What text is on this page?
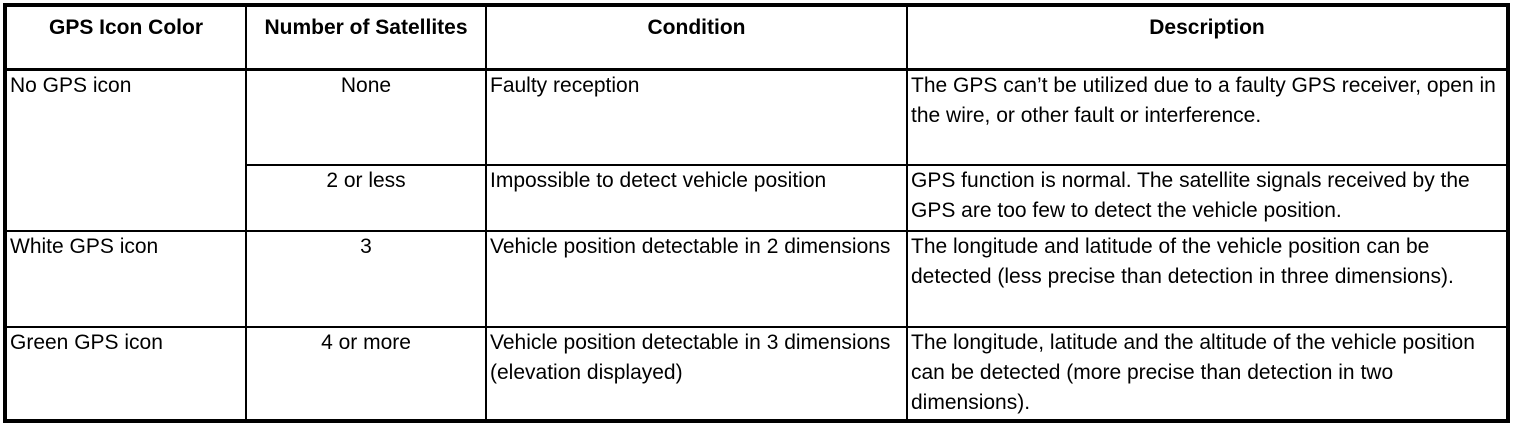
GPS Icon Color	Number of Satellites	Condition	Description
No GPS icon	None	Faulty reception	The GPS can’t be utilized due to a faulty GPS receiver, open in the wire, or other fault or interference.
	2 or less	Impossible to detect vehicle position	GPS function is normal. The satellite signals received by the GPS are too few to detect the vehicle position.
White GPS icon	3	Vehicle position detectable in 2 dimensions	The longitude and latitude of the vehicle position can be detected (less precise than detection in three dimensions).
Green GPS icon	4 or more	Vehicle position detectable in 3 dimensions (elevation displayed)	The longitude, latitude and the altitude of the vehicle position can be detected (more precise than detection in two dimensions).
